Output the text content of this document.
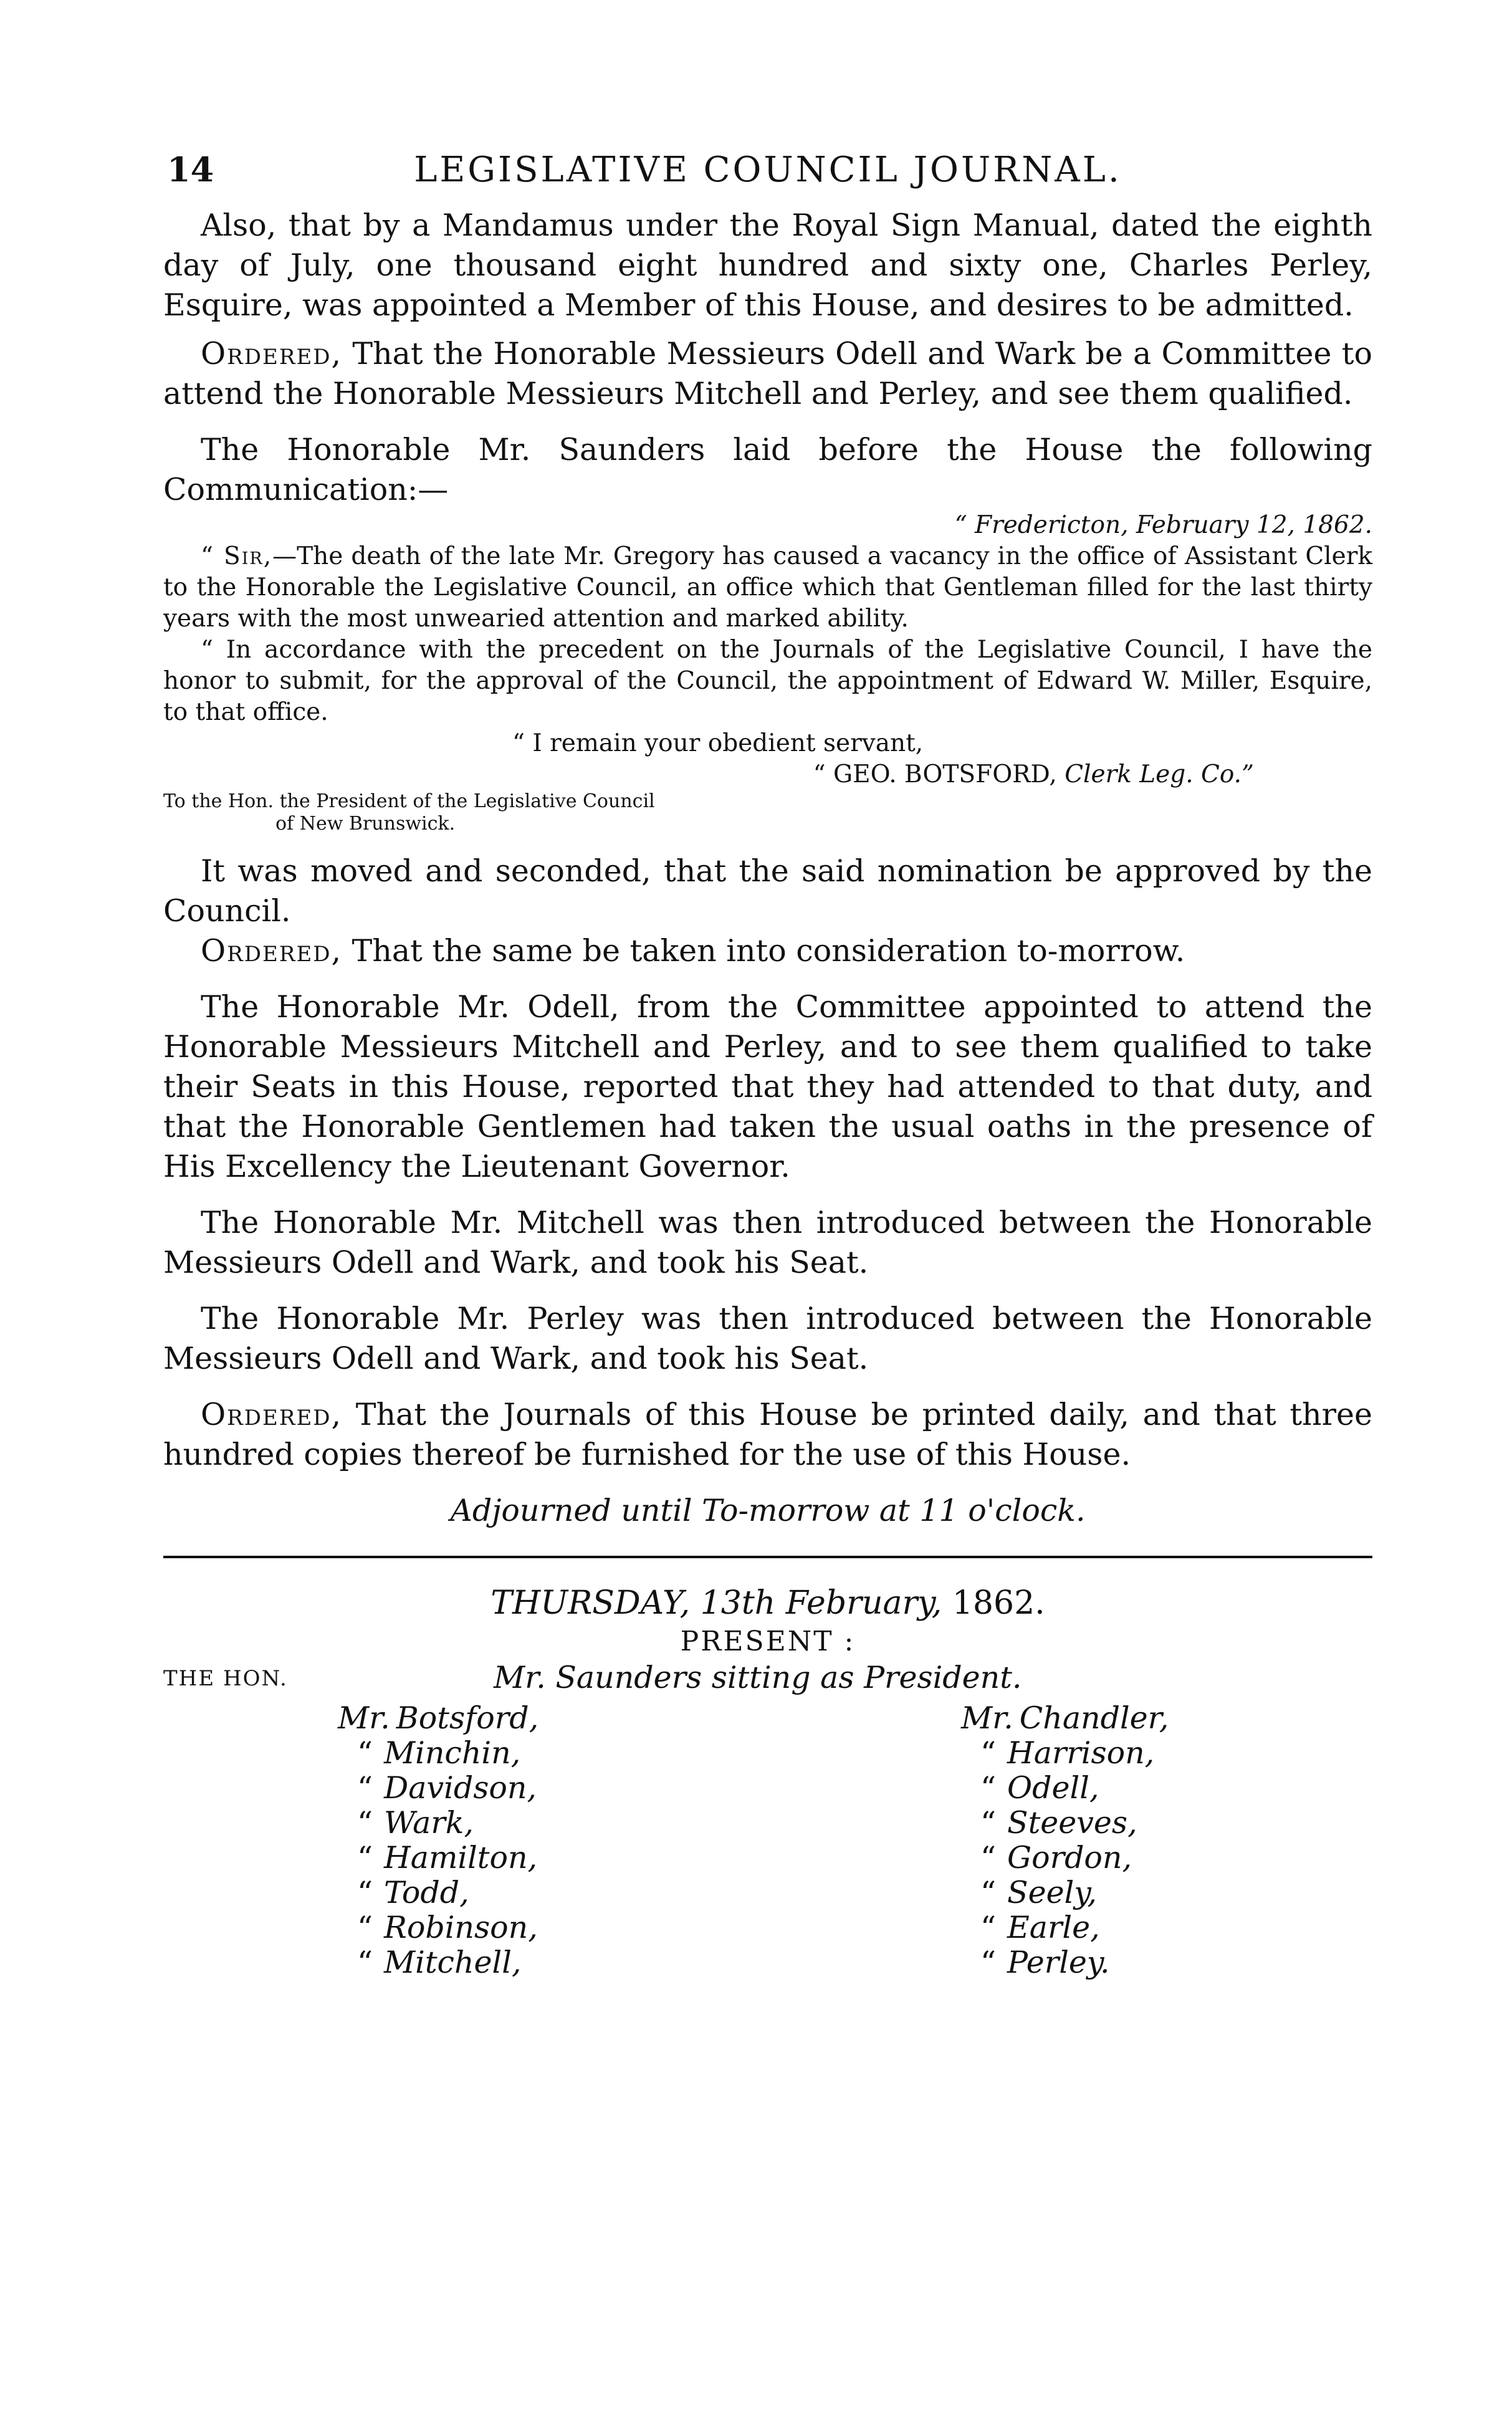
14	LEGISLATIVE COUNCIL JOURNAL.

Also, that by a Mandamus under the Royal Sign Manual, dated the eighth day of July, one thousand eight hundred and sixty one, Charles Perley, Esquire, was appointed a Member of this House, and desires to be admitted.

Ordered, That the Honorable Messieurs Odell and Wark be a Committee to attend the Honorable Messieurs Mitchell and Perley, and see them qualified.

The Honorable Mr. Saunders laid before the House the following Communication:—

“ Fredericton, February 12, 1862.

“ Sir,—The death of the late Mr. Gregory has caused a vacancy in the office of Assistant Clerk to the Honorable the Legislative Council, an office which that Gentleman filled for the last thirty years with the most unwearied attention and marked ability.

“ In accordance with the precedent on the Journals of the Legislative Council, I have the honor to submit, for the approval of the Council, the appointment of Edward W. Miller, Esquire, to that office.

“ I remain your obedient servant,

“ GEO. BOTSFORD, Clerk Leg. Co.”

To the Hon. the President of the Legislative Council
of New Brunswick.

It was moved and seconded, that the said nomination be approved by the Council.

Ordered, That the same be taken into consideration to-morrow.

The Honorable Mr. Odell, from the Committee appointed to attend the Honorable Messieurs Mitchell and Perley, and to see them qualified to take their Seats in this House, reported that they had attended to that duty, and that the Honorable Gentlemen had taken the usual oaths in the presence of His Excellency the Lieutenant Governor.

The Honorable Mr. Mitchell was then introduced between the Honorable Messieurs Odell and Wark, and took his Seat.

The Honorable Mr. Perley was then introduced between the Honorable Messieurs Odell and Wark, and took his Seat.

Ordered, That the Journals of this House be printed daily, and that three hundred copies thereof be furnished for the use of this House.

Adjourned until To-morrow at 11 o'clock.

THURSDAY, 13th February, 1862.
PRESENT :
THE HON.	Mr. Saunders sitting as President.
Mr. Botsford,
“ Minchin,
“ Davidson,
“ Wark,
“ Hamilton,
“ Todd,
“ Robinson,
“ Mitchell,
Mr. Chandler,
“ Harrison,
“ Odell,
“ Steeves,
“ Gordon,
“ Seely,
“ Earle,
“ Perley.
